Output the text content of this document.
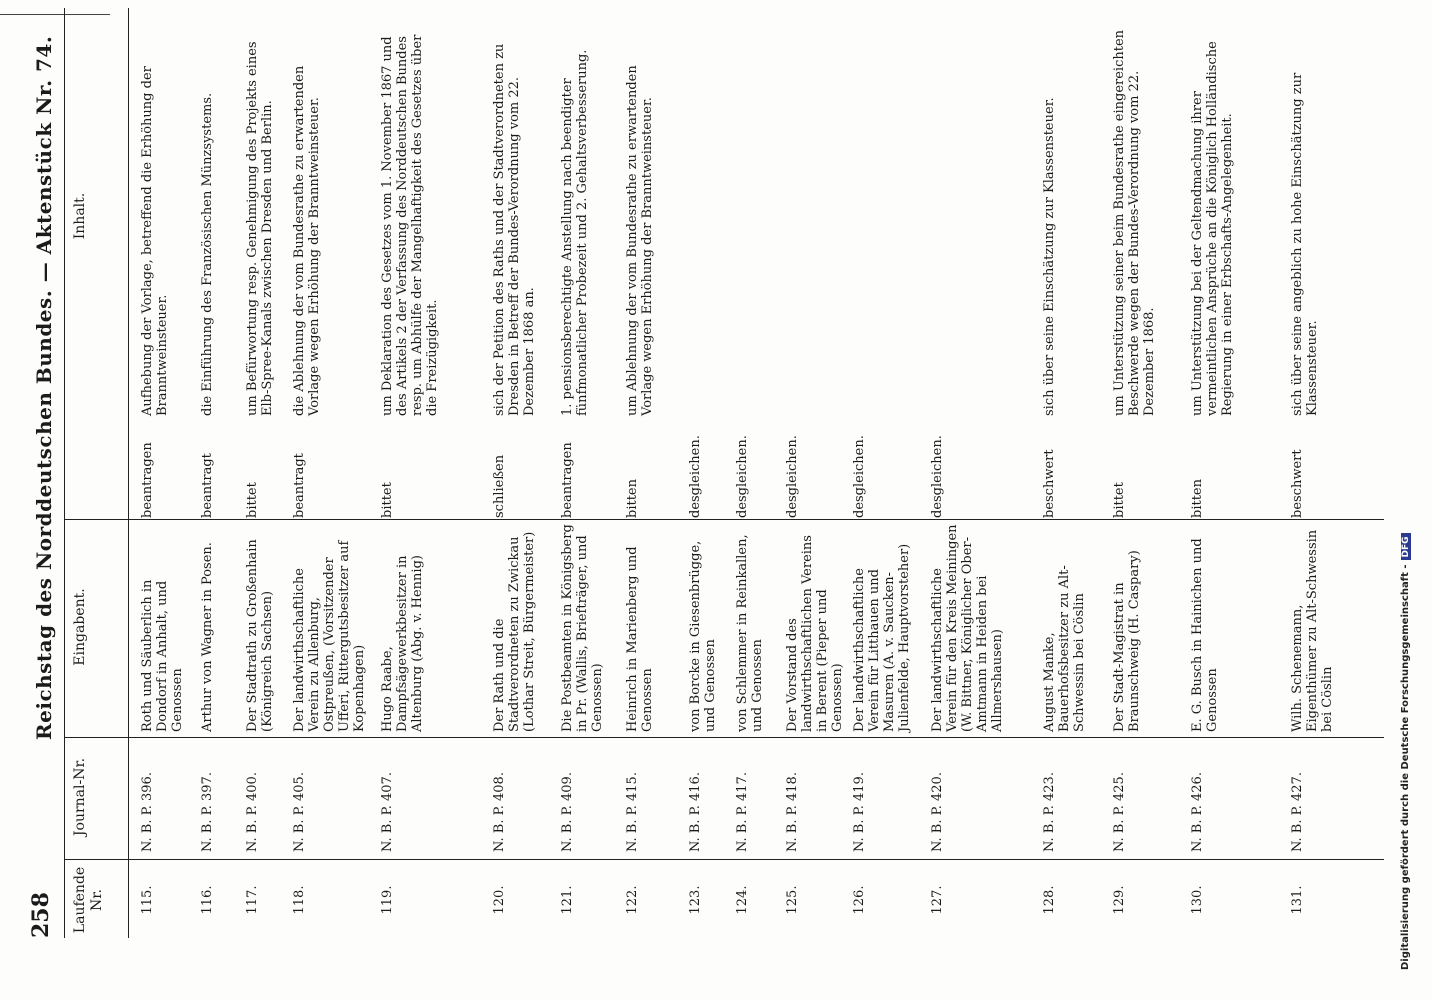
258
Reichstag des Norddeutschen Bundes. — Aktenstück Nr. 74.
Laufende Nr.
Journal-Nr.
Eingabent.
Inhalt.
115.
N. B. P. 396.
Roth und Säuberlich in Dondorf in Anhalt, und Genossen
beantragen
Aufhebung der Vorlage, betreffend die Erhöhung der Branntweinsteuer.
116.
N. B. P. 397.
Arthur von Wagner in Posen.
beantragt
die Einführung des Französischen Münzsystems.
117.
N. B. P. 400.
Der Stadtrath zu Großenhain (Königreich Sachsen)
bittet
um Befürwortung resp. Genehmigung des Projekts eines Elb-Spree-Kanals zwischen Dresden und Berlin.
118.
N. B. P. 405.
Der landwirthschaftliche Verein zu Allenburg, Ostpreußen, (Vorsitzender Ufferi, Rittergutsbesitzer auf Kopenhagen)
beantragt
die Ablehnung der vom Bundesrathe zu erwartenden Vorlage wegen Erhöhung der Branntweinsteuer.
119.
N. B. P. 407.
Hugo Raabe, Dampfsägewerkbesitzer in Altenburg (Abg. v. Hennig)
bittet
um Deklaration des Gesetzes vom 1. November 1867 und des Artikels 2 der Verfassung des Norddeutschen Bundes resp. um Abhülfe der Mangelhaftigkeit des Gesetzes über die Freizügigkeit.
120.
N. B. P. 408.
Der Rath und die Stadtverordneten zu Zwickau (Lothar Streit, Bürgermeister)
schließen
sich der Petition des Raths und der Stadtverordneten zu Dresden in Betreff der Bundes-Verordnung vom 22. Dezember 1868 an.
121.
N. B. P. 409.
Die Postbeamten in Königsberg in Pr. (Wallis, Briefträger, und Genossen)
beantragen
1. pensionsberechtigte Anstellung nach beendigter fünfmonatlicher Probezeit und 2. Gehaltsverbesserung.
122.
N. B. P. 415.
Heinrich in Marienberg und Genossen
bitten
um Ablehnung der vom Bundesrathe zu erwartenden Vorlage wegen Erhöhung der Branntweinsteuer.
123.
N. B. P. 416.
von Borcke in Giesenbrügge, und Genossen
desgleichen.
124.
N. B. P. 417.
von Schlemmer in Reinkallen, und Genossen
desgleichen.
125.
N. B. P. 418.
Der Vorstand des landwirthschaftlichen Vereins in Berent (Pieper und Genossen)
desgleichen.
126.
N. B. P. 419.
Der landwirthschaftliche Verein für Litthauen und Masuren (A. v. Saucken-Julienfelde, Hauptvorsteher)
desgleichen.
127.
N. B. P. 420.
Der landwirthschaftliche Verein für den Kreis Meiningen (W. Bittner, Königlicher Ober-Amtmann in Heiden bei Allmershausen)
desgleichen.
128.
N. B. P. 423.
August Manke, Bauerhofsbesitzer zu Alt-Schwessin bei Cöslin
beschwert
sich über seine Einschätzung zur Klassensteuer.
129.
N. B. P. 425.
Der Stadt-Magistrat in Braunschweig (H. Caspary)
bittet
um Unterstützung seiner beim Bundesrathe eingereichten Beschwerde wegen der Bundes-Verordnung vom 22. Dezember 1868.
130.
N. B. P. 426.
E. G. Busch in Hainichen und Genossen
bitten
um Unterstützung bei der Geltendmachung ihrer vermeintlichen Ansprüche an die Königlich Holländische Regierung in einer Erbschafts-Angelegenheit.
131.
N. B. P. 427.
Wilh. Schenemann, Eigenthümer zu Alt-Schwessin bei Cöslin
beschwert
sich über seine angeblich zu hohe Einschätzung zur Klassensteuer.
Digitalisierung gefördert durch die Deutsche Forschungsgemeinschaft -DFG
